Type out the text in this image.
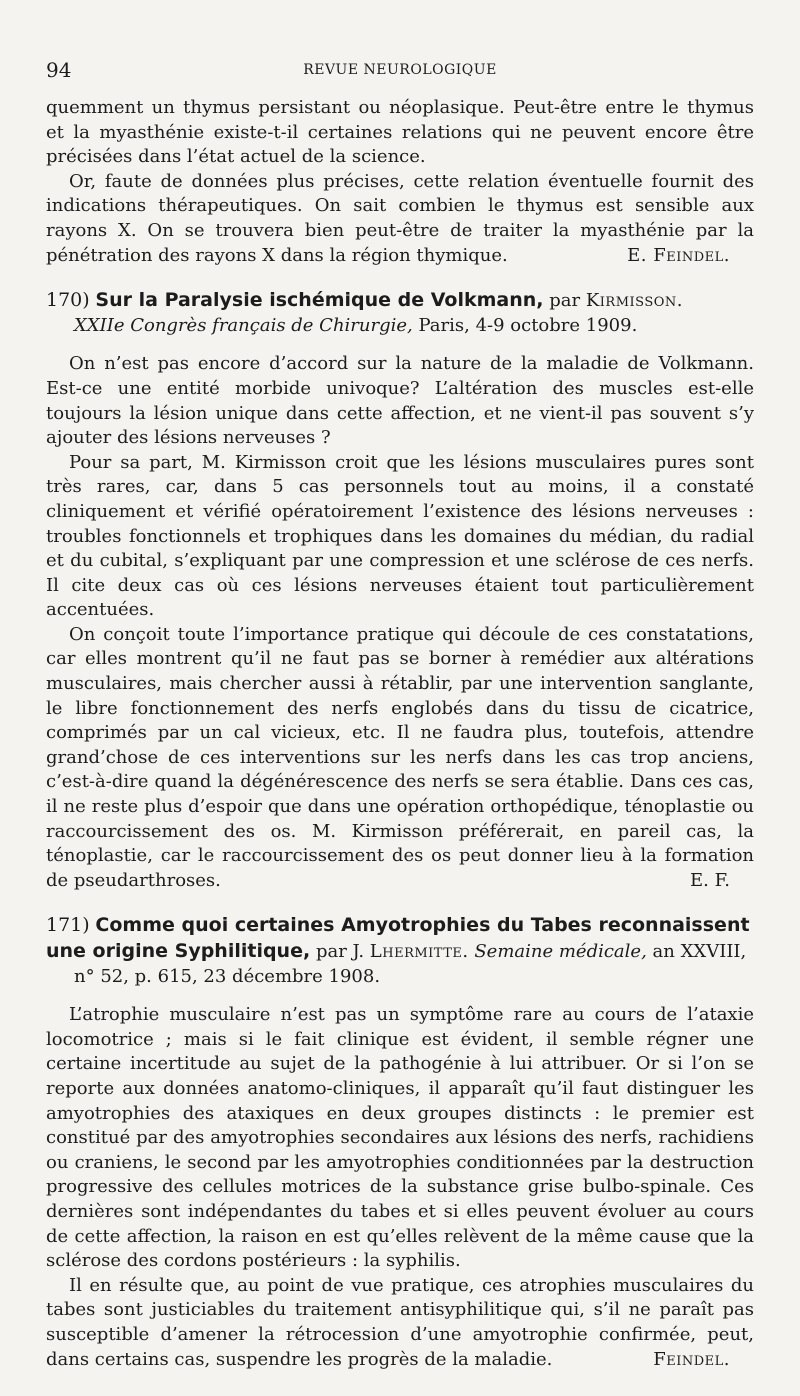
94	REVUE NEUROLOGIQUE

quemment un thymus persistant ou néoplasique. Peut-être entre le thymus et la myasthénie existe-t-il certaines relations qui ne peuvent encore être précisées dans l’état actuel de la science.

Or, faute de données plus précises, cette relation éventuelle fournit des indications thérapeutiques. On sait combien le thymus est sensible aux rayons X. On se trouvera bien peut-être de traiter la myasthénie par la pénétration des rayons X dans la région thymique.	E. Feindel.

170) Sur la Paralysie ischémique de Volkmann, par Kirmisson.
XXIIe Congrès français de Chirurgie, Paris, 4-9 octobre 1909.

On n’est pas encore d’accord sur la nature de la maladie de Volkmann. Est-ce une entité morbide univoque? L’altération des muscles est-elle toujours la lésion unique dans cette affection, et ne vient-il pas souvent s’y ajouter des lésions nerveuses ?

Pour sa part, M. Kirmisson croit que les lésions musculaires pures sont très rares, car, dans 5 cas personnels tout au moins, il a constaté cliniquement et vérifié opératoirement l’existence des lésions nerveuses : troubles fonctionnels et trophiques dans les domaines du médian, du radial et du cubital, s’expliquant par une compression et une sclérose de ces nerfs. Il cite deux cas où ces lésions nerveuses étaient tout particulièrement accentuées.

On conçoit toute l’importance pratique qui découle de ces constatations, car elles montrent qu’il ne faut pas se borner à remédier aux altérations musculaires, mais chercher aussi à rétablir, par une intervention sanglante, le libre fonctionnement des nerfs englobés dans du tissu de cicatrice, comprimés par un cal vicieux, etc. Il ne faudra plus, toutefois, attendre grand’chose de ces interventions sur les nerfs dans les cas trop anciens, c’est-à-dire quand la dégénérescence des nerfs se sera établie. Dans ces cas, il ne reste plus d’espoir que dans une opération orthopédique, ténoplastie ou raccourcissement des os. M. Kirmisson préférerait, en pareil cas, la ténoplastie, car le raccourcissement des os peut donner lieu à la formation de pseudarthroses.	E. F.

171) Comme quoi certaines Amyotrophies du Tabes reconnaissent une origine Syphilitique, par J. Lhermitte. Semaine médicale, an XXVIII,
n° 52, p. 615, 23 décembre 1908.

L’atrophie musculaire n’est pas un symptôme rare au cours de l’ataxie locomotrice ; mais si le fait clinique est évident, il semble régner une certaine incertitude au sujet de la pathogénie à lui attribuer. Or si l’on se reporte aux données anatomo-cliniques, il apparaît qu’il faut distinguer les amyotrophies des ataxiques en deux groupes distincts : le premier est constitué par des amyotrophies secondaires aux lésions des nerfs, rachidiens ou craniens, le second par les amyotrophies conditionnées par la destruction progressive des cellules motrices de la substance grise bulbo-spinale. Ces dernières sont indépendantes du tabes et si elles peuvent évoluer au cours de cette affection, la raison en est qu’elles relèvent de la même cause que la sclérose des cordons postérieurs : la syphilis.

Il en résulte que, au point de vue pratique, ces atrophies musculaires du tabes sont justiciables du traitement antisyphilitique qui, s’il ne paraît pas susceptible d’amener la rétrocession d’une amyotrophie confirmée, peut, dans certains cas, suspendre les progrès de la maladie.	Feindel.
